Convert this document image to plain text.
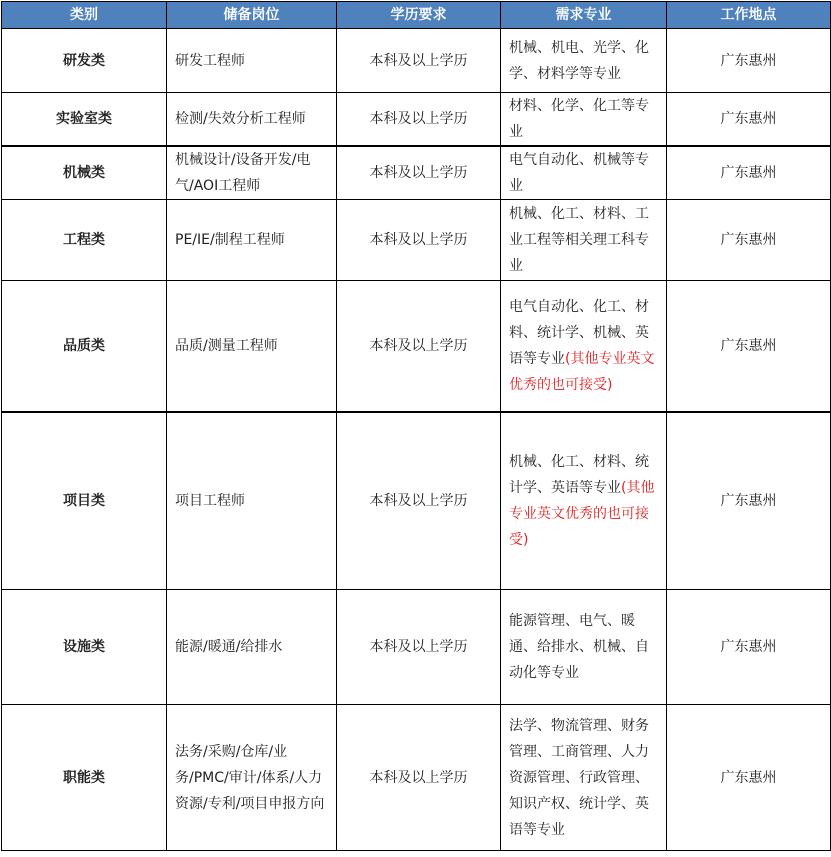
类别	储备岗位	学历要求	需求专业	工作地点
研发类	研发工程师	本科及以上学历	机械、机电、光学、化学、材料学等专业	广东惠州
实验室类	检测/失效分析工程师	本科及以上学历	材料、化学、化工等专业	广东惠州
机械类	机械设计/设备开发/电气/AOI工程师	本科及以上学历	电气自动化、机械等专业	广东惠州
工程类	PE/IE/制程工程师	本科及以上学历	机械、化工、材料、工业工程等相关理工科专业	广东惠州
品质类	品质/测量工程师	本科及以上学历	电气自动化、化工、材料、统计学、机械、英语等专业(其他专业英文优秀的也可接受)	广东惠州
项目类	项目工程师	本科及以上学历	机械、化工、材料、统计学、英语等专业(其他专业英文优秀的也可接受)	广东惠州
设施类	能源/暖通/给排水	本科及以上学历	能源管理、电气、暖通、给排水、机械、自动化等专业	广东惠州
职能类	法务/采购/仓库/业务/PMC/审计/体系/人力资源/专利/项目申报方向	本科及以上学历	法学、物流管理、财务管理、工商管理、人力资源管理、行政管理、知识产权、统计学、英语等专业	广东惠州
